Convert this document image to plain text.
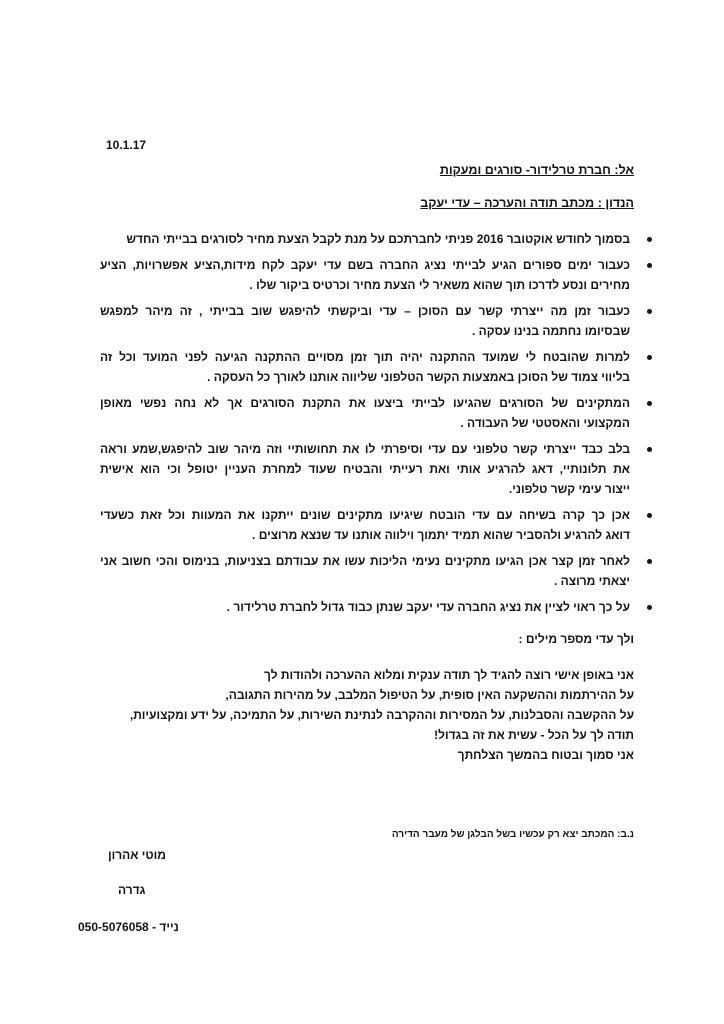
10.1.17
אל: חברת טרלידור- סורגים ומעקות
הנדון : מכתב תודה והערכה – עדי יעקב
בסמוך לחודש אוקטובר 2016 פניתי לחברתכם על מנת לקבל הצעת מחיר לסורגים בבייתי החדש
כעבור ימים ספורים הגיע לבייתי נציג החברה בשם עדי יעקב לקח מידות,הציע אפשרויות, הציע
מחירים ונסע לדרכו תוך שהוא משאיר לי הצעת מחיר וכרטיס ביקור שלו .
כעבור זמן מה ייצרתי קשר עם הסוכן – עדי וביקשתי להיפגש שוב בבייתי , זה מיהר למפגש
שבסיומו נחתמה בנינו עסקה .
למרות שהובטח לי שמועד ההתקנה יהיה תוך זמן מסויים ההתקנה הגיעה לפני המועד וכל זה
בליווי צמוד של הסוכן באמצעות הקשר הטלפוני שליווה אותנו לאורך כל העסקה .
המתקינים של הסורגים שהגיעו לבייתי ביצעו את התקנת הסורגים אך לא נחה נפשי מאופן
המקצועי והאסטטי של העבודה .
בלב כבד ייצרתי קשר טלפוני עם עדי וסיפרתי לו את תחושותיי וזה מיהר שוב להיפגש,שמע וראה
את תלונותיי, דאג להרגיע אותי ואת רעייתי והבטיח שעוד למחרת העניין יטופל וכי הוא אישית
ייצור עימי קשר טלפוני.
אכן כך קרה בשיחה עם עדי הובטח שיגיעו מתקינים שונים ייתקנו את המעוות וכל זאת כשעדי
דואג להרגיע ולהסביר שהוא תמיד יתמוך וילווה אותנו עד שנצא מרוצים .
לאחר זמן קצר אכן הגיעו מתקינים נעימי הליכות עשו את עבודתם בצניעות, בנימוס והכי חשוב אני
יצאתי מרוצה .
על כך ראוי לציין את נציג החברה עדי יעקב שנתן כבוד גדול לחברת טרלידור .
ולך עדי מספר מילים :
אני באופן אישי רוצה להגיד לך תודה ענקית ומלוא ההערכה ולהודות לך
על ההירתמות וההשקעה האין סופית, על הטיפול המלבב, על מהירות התגובה,
על ההקשבה והסבלנות, על המסירות וההקרבה לנתינת השירות, על התמיכה, על ידע ומקצועיות,
תודה לך על הכל - עשית את זה בגדול!
אני סמוך ובטוח בהמשך הצלחתך
נ.ב: המכתב יצא רק עכשיו בשל הבלגן של מעבר הדירה
מוטי אהרון
גדרה
050-5076058 נייד -
